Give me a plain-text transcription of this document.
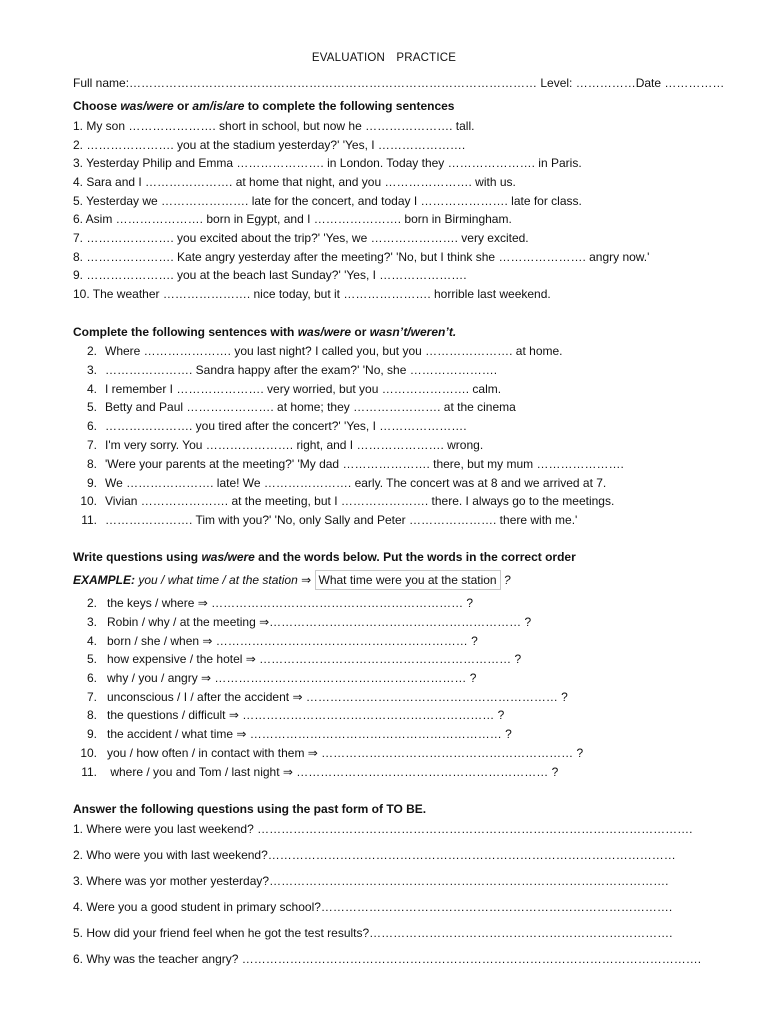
EVALUATION PRACTICE
Full name:………………………………………………………………………………………… Level: ……………Date ……………
Choose was/were or am/is/are to complete the following sentences
1. My son …………………. short in school, but now he …………………. tall.
2. …………………. you at the stadium yesterday?' 'Yes, I ………………….
3. Yesterday Philip and Emma …………………. in London. Today they …………………. in Paris.
4. Sara and I …………………. at home that night, and you …………………. with us.
5. Yesterday we …………………. late for the concert, and today I …………………. late for class.
6. Asim …………………. born in Egypt, and I …………………. born in Birmingham.
7. …………………. you excited about the trip?' 'Yes, we …………………. very excited.
8. …………………. Kate angry yesterday after the meeting?' 'No, but I think she …………………. angry now.'
9. …………………. you at the beach last Sunday?' 'Yes, I ………………….
10. The weather …………………. nice today, but it …………………. horrible last weekend.
Complete the following sentences with was/were or wasn’t/weren’t.
2. Where …………………. you last night? I called you, but you …………………. at home.
3. …………………. Sandra happy after the exam?' 'No, she ………………….
4. I remember I …………………. very worried, but you …………………. calm.
5. Betty and Paul …………………. at home; they …………………. at the cinema
6. …………………. you tired after the concert?' 'Yes, I ………………….
7. I'm very sorry. You …………………. right, and I …………………. wrong.
8. 'Were your parents at the meeting?' 'My dad …………………. there, but my mum ………………….
9. We …………………. late! We …………………. early. The concert was at 8 and we arrived at 7.
10. Vivian …………………. at the meeting, but I …………………. there. I always go to the meetings.
11. …………………. Tim with you?' 'No, only Sally and Peter …………………. there with me.'
Write questions using was/were and the words below. Put the words in the correct order
EXAMPLE: you / what time / at the station ⇒ What time were you at the station ?
2. the keys / where ⇒ ……………………………………………………… ?
3. Robin / why / at the meeting ⇒……………………………………………………… ?
4. born / she / when ⇒ ……………………………………………………… ?
5. how expensive / the hotel ⇒ ……………………………………………………… ?
6. why / you / angry ⇒ ……………………………………………………… ?
7. unconscious / I / after the accident ⇒ ……………………………………………………… ?
8. the questions / difficult ⇒ ……………………………………………………… ?
9. the accident / what time ⇒ ……………………………………………………… ?
10. you / how often / in contact with them ⇒ ……………………………………………………… ?
11. where / you and Tom / last night ⇒ ……………………………………………………… ?
Answer the following questions using the past form of TO BE.
1. Where were you last weekend? ……………………………………………………………………………………………….
2. Who were you with last weekend?…………………………………………………………………………………………
3. Where was yor mother yesterday?……………………………………………………………………………………….
4. Were you a good student in primary school?…………………………………………………………………………….
5. How did your friend feel when he got the test results?………………………………………………………………….
6. Why was the teacher angry? …………………………………………………………………………………………………….
